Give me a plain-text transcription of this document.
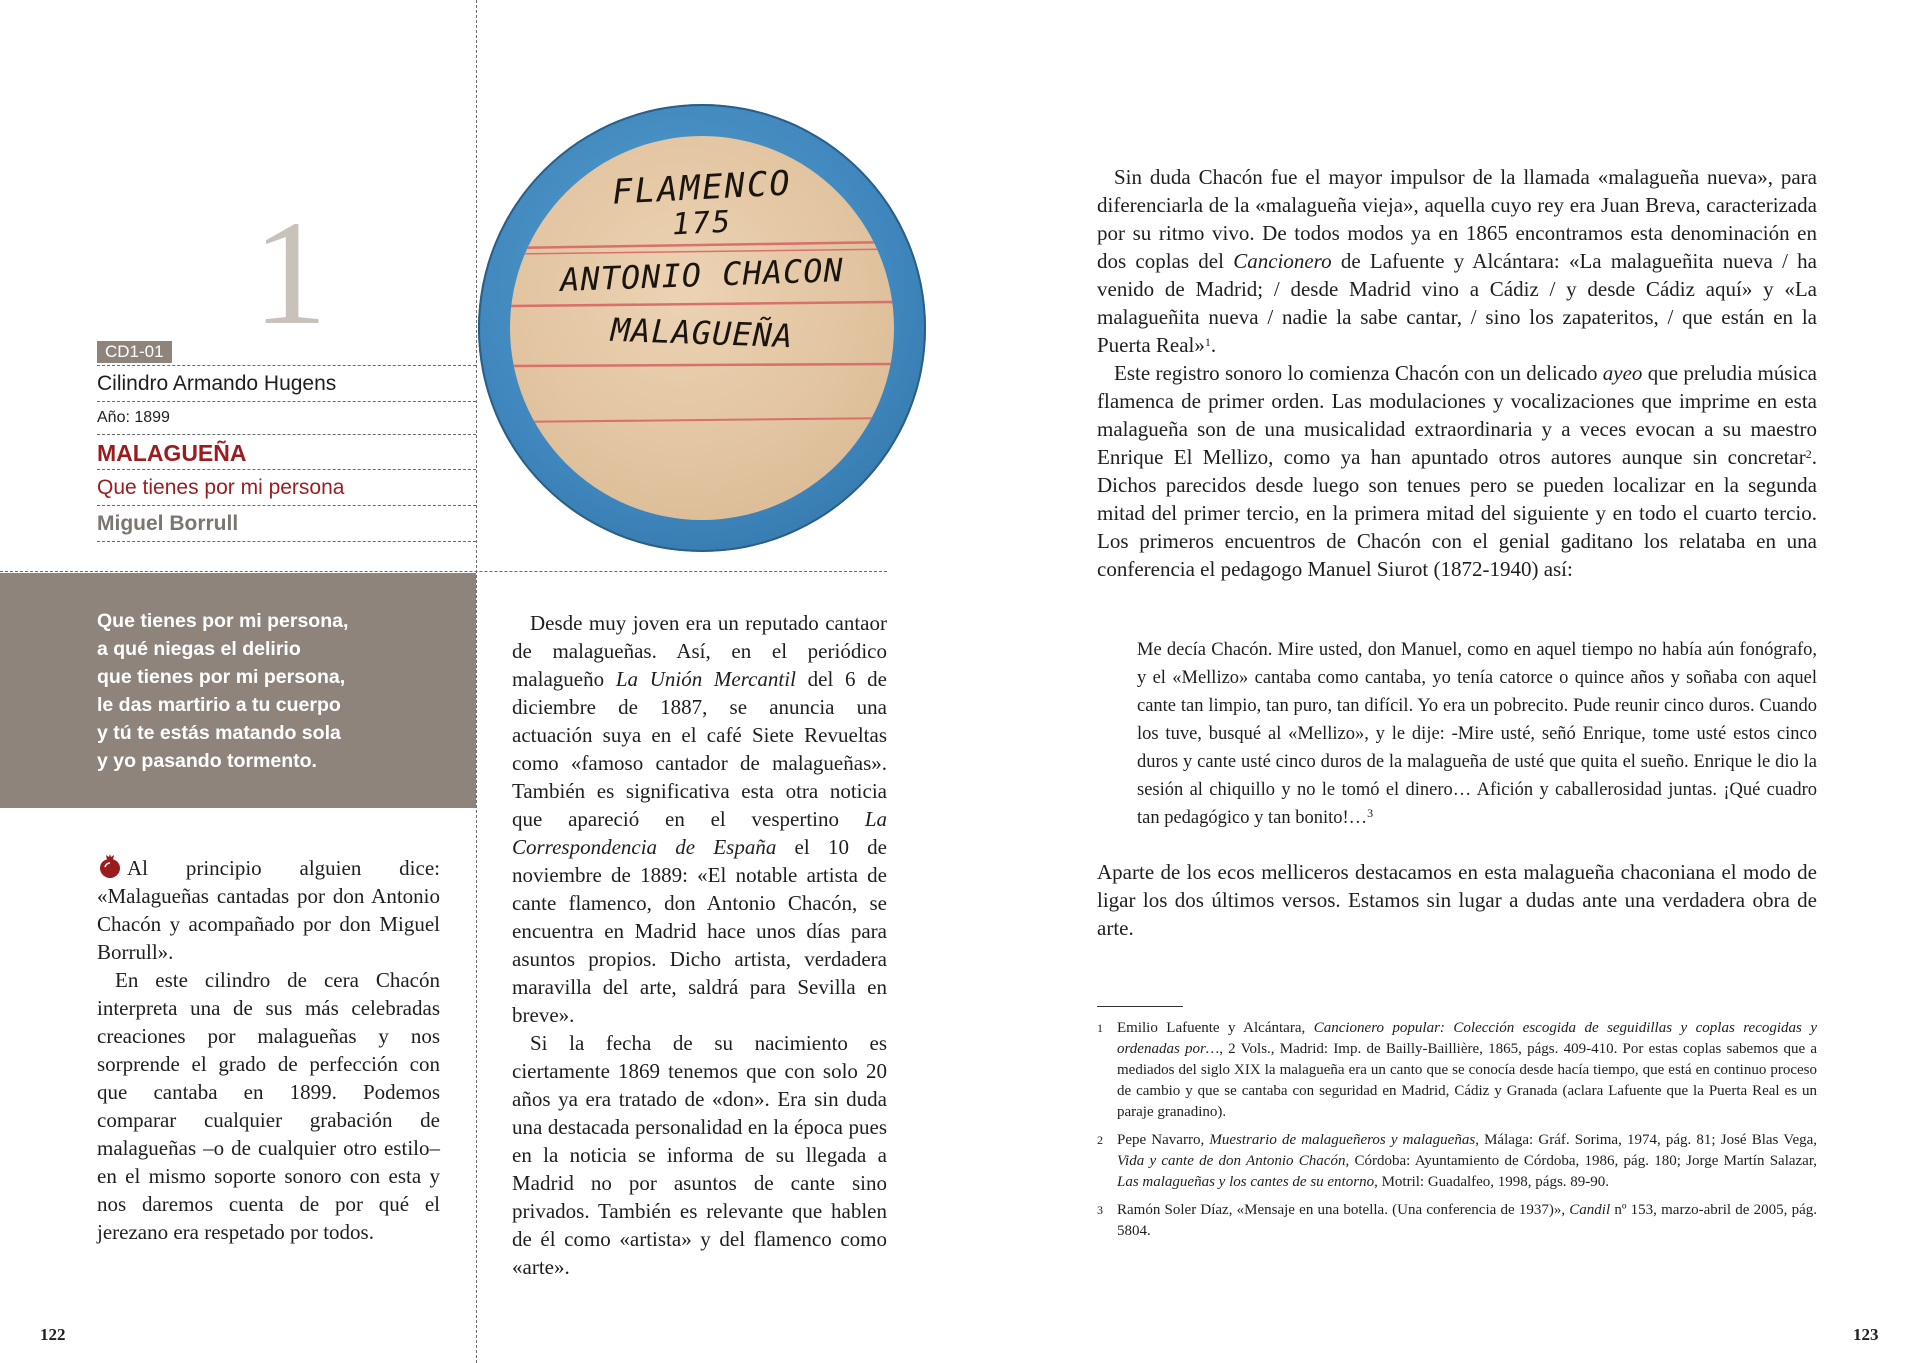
1
CD1-01
Cilindro Armando Hugens
Año: 1899
MALAGUEÑA
Que tienes por mi persona
Miguel Borrull
FLAMENCO
175
ANTONIO CHACON
MALAGUEÑA
Que tienes por mi persona,
a qué niegas el delirio
que tienes por mi persona,
le das martirio a tu cuerpo
y tú te estás matando sola
y yo pasando tormento.

Al principio alguien dice: «Malagueñas cantadas por don Antonio Chacón y acompañado por don Miguel Borrull».

En este cilindro de cera Chacón interpreta una de sus más celebradas creaciones por malagueñas y nos sorprende el grado de perfección con que cantaba en 1899. Podemos comparar cualquier grabación de malagueñas –o de cualquier otro estilo– en el mismo soporte sonoro con esta y nos daremos cuenta de por qué el jerezano era respetado por todos.

Desde muy joven era un reputado cantaor de malagueñas. Así, en el periódico malagueño La Unión Mercantil del 6 de diciembre de 1887, se anuncia una actuación suya en el café Siete Revueltas como «famoso cantador de malagueñas». También es significativa esta otra noticia que apareció en el vespertino La Correspondencia de España el 10 de noviembre de 1889: «El notable artista de cante flamenco, don Antonio Chacón, se encuentra en Madrid hace unos días para asuntos propios. Dicho artista, verdadera maravilla del arte, saldrá para Sevilla en breve».

Si la fecha de su nacimiento es ciertamente 1869 tenemos que con solo 20 años ya era tratado de «don». Era sin duda una destacada personalidad en la época pues en la noticia se informa de su llegada a Madrid no por asuntos de cante sino privados. También es relevante que hablen de él como «artista» y del flamenco como «arte».

Sin duda Chacón fue el mayor impulsor de la llamada «malagueña nueva», para diferenciarla de la «malagueña vieja», aquella cuyo rey era Juan Breva, caracterizada por su ritmo vivo. De todos modos ya en 1865 encontramos esta denominación en dos coplas del Cancionero de Lafuente y Alcántara: «La malagueñita nueva / ha venido de Madrid; / desde Madrid vino a Cádiz / y desde Cádiz aquí» y «La malagueñita nueva / nadie la sabe cantar, / sino los zapateritos, / que están en la Puerta Real»$^1$.

Este registro sonoro lo comienza Chacón con un delicado ayeo que preludia música flamenca de primer orden. Las modulaciones y vocalizaciones que imprime en esta malagueña son de una musicalidad extraordinaria y a veces evocan a su maestro Enrique El Mellizo, como ya han apuntado otros autores aunque sin concretar$^2$. Dichos parecidos desde luego son tenues pero se pueden localizar en la segunda mitad del primer tercio, en la primera mitad del siguiente y en todo el cuarto tercio. Los primeros encuentros de Chacón con el genial gaditano los relataba en una conferencia el pedagogo Manuel Siurot (1872-1940) así:

Me decía Chacón. Mire usted, don Manuel, como en aquel tiempo no había aún fonógrafo, y el «Mellizo» cantaba como cantaba, yo tenía catorce o quince años y soñaba con aquel cante tan limpio, tan puro, tan difícil. Yo era un pobrecito. Pude reunir cinco duros. Cuando los tuve, busqué al «Mellizo», y le dije: -Mire usté, señó Enrique, tome usté estos cinco duros y cante usté cinco duros de la malagueña de usté que quita el sueño. Enrique le dio la sesión al chiquillo y no le tomó el dinero… Afición y caballerosidad juntas. ¡Qué cuadro tan pedagógico y tan bonito!…$^3$

Aparte de los ecos melliceros destacamos en esta malagueña chaconiana el modo de ligar los dos últimos versos. Estamos sin lugar a dudas ante una verdadera obra de arte.

1 Emilio Lafuente y Alcántara, Cancionero popular: Colección escogida de seguidillas y coplas recogidas y ordenadas por…, 2 Vols., Madrid: Imp. de Bailly-Baillière, 1865, págs. 409-410. Por estas coplas sabemos que a mediados del siglo XIX la malagueña era un canto que se conocía desde hacía tiempo, que está en continuo proceso de cambio y que se cantaba con seguridad en Madrid, Cádiz y Granada (aclara Lafuente que la Puerta Real es un paraje granadino).
2 Pepe Navarro, Muestrario de malagueñeros y malagueñas, Málaga: Gráf. Sorima, 1974, pág. 81; José Blas Vega, Vida y cante de don Antonio Chacón, Córdoba: Ayuntamiento de Córdoba, 1986, pág. 180; Jorge Martín Salazar, Las malagueñas y los cantes de su entorno, Motril: Guadalfeo, 1998, págs. 89-90.
3 Ramón Soler Díaz, «Mensaje en una botella. (Una conferencia de 1937)», Candil nº 153, marzo-abril de 2005, pág. 5804.
122	123
